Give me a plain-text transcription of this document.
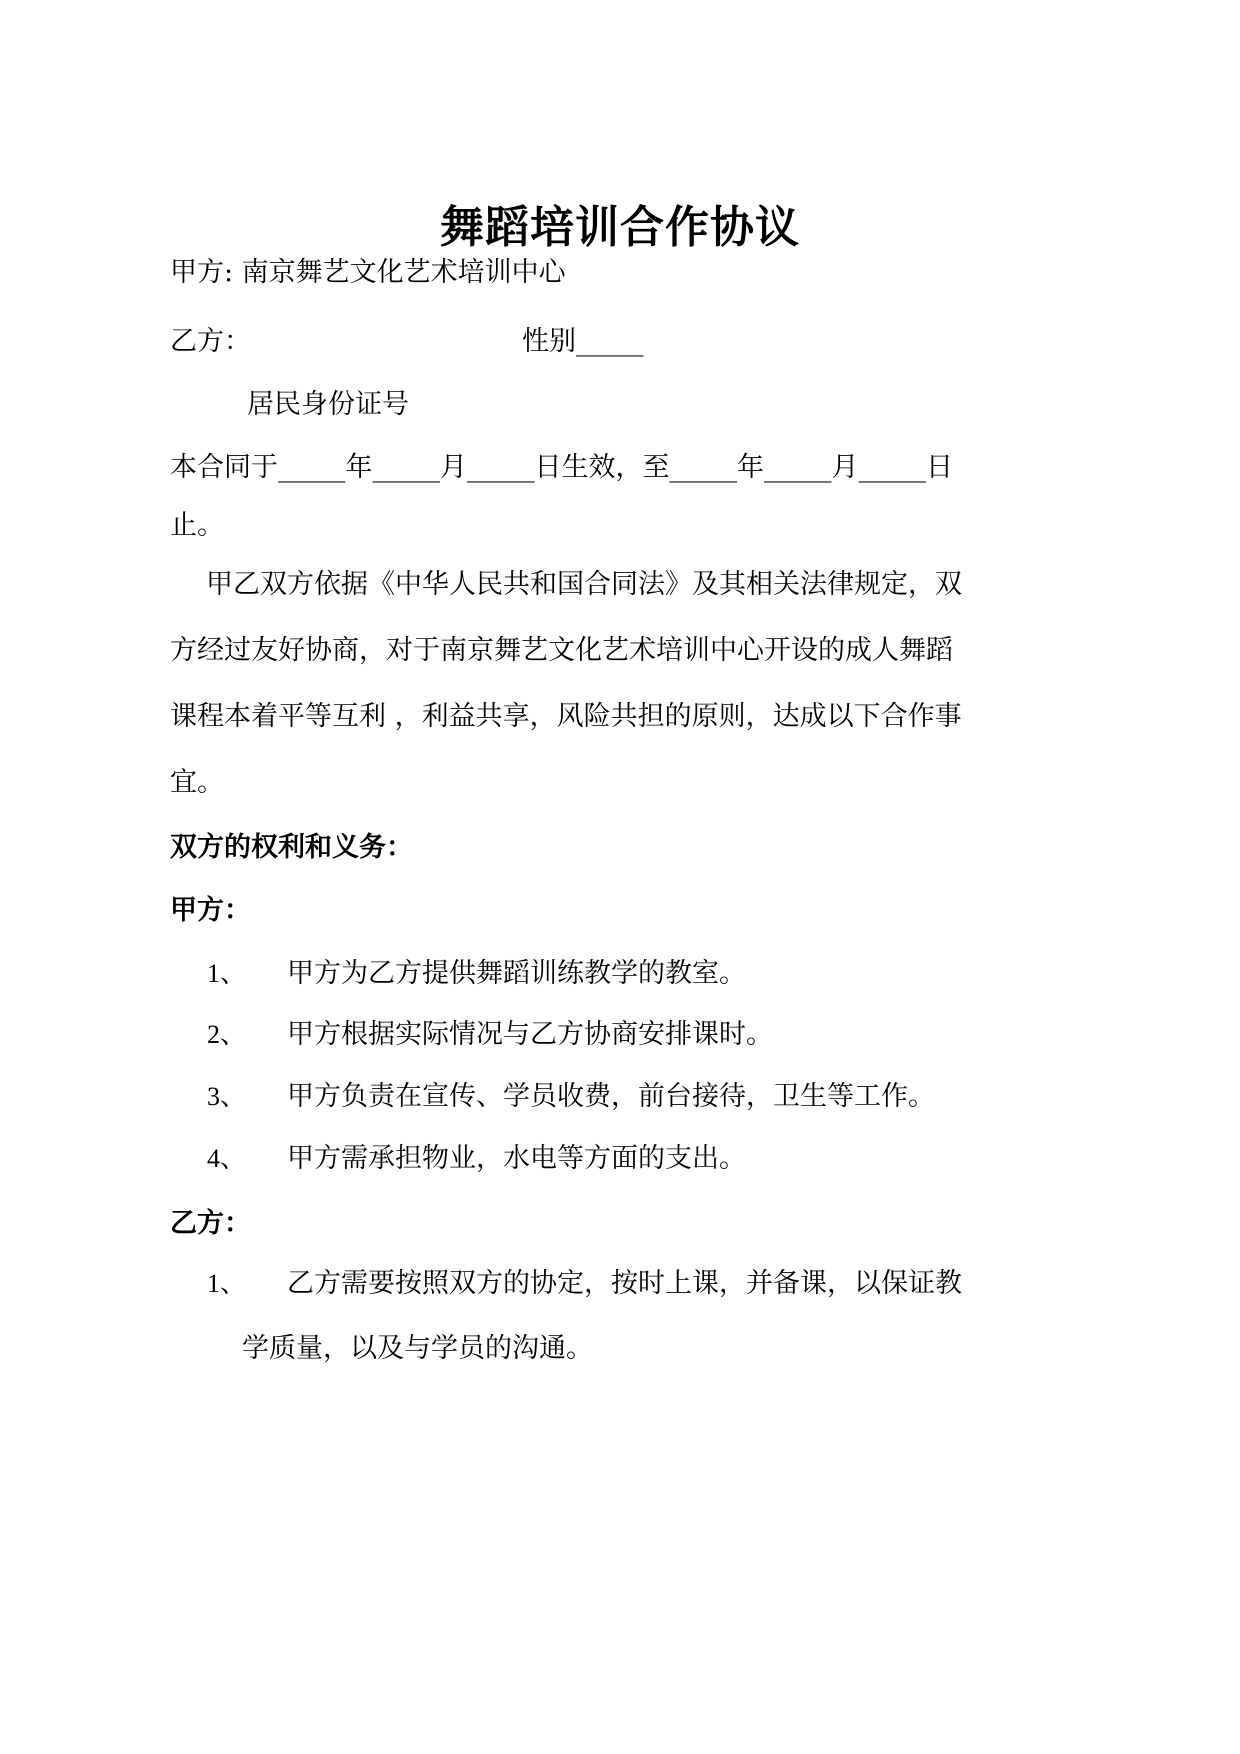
舞蹈培训合作协议

甲方: 南京舞艺文化艺术培训中心

乙方：	性别_____

居民身份证号

本合同于_____年_____月_____日生效，至_____年_____月_____日

止。

甲乙双方依据《中华人民共和国合同法》及其相关法律规定，双

方经过友好协商，对于南京舞艺文化艺术培训中心开设的成人舞蹈

课程本着平等互利 ，利益共享，风险共担的原则，达成以下合作事

宜。

双方的权利和义务：

甲方：

1、 甲方为乙方提供舞蹈训练教学的教室。

2、 甲方根据实际情况与乙方协商安排课时。

3、 甲方负责在宣传、学员收费，前台接待，卫生等工作。

4、 甲方需承担物业，水电等方面的支出。

乙方：

1、 乙方需要按照双方的协定，按时上课，并备课，以保证教

学质量，以及与学员的沟通。
